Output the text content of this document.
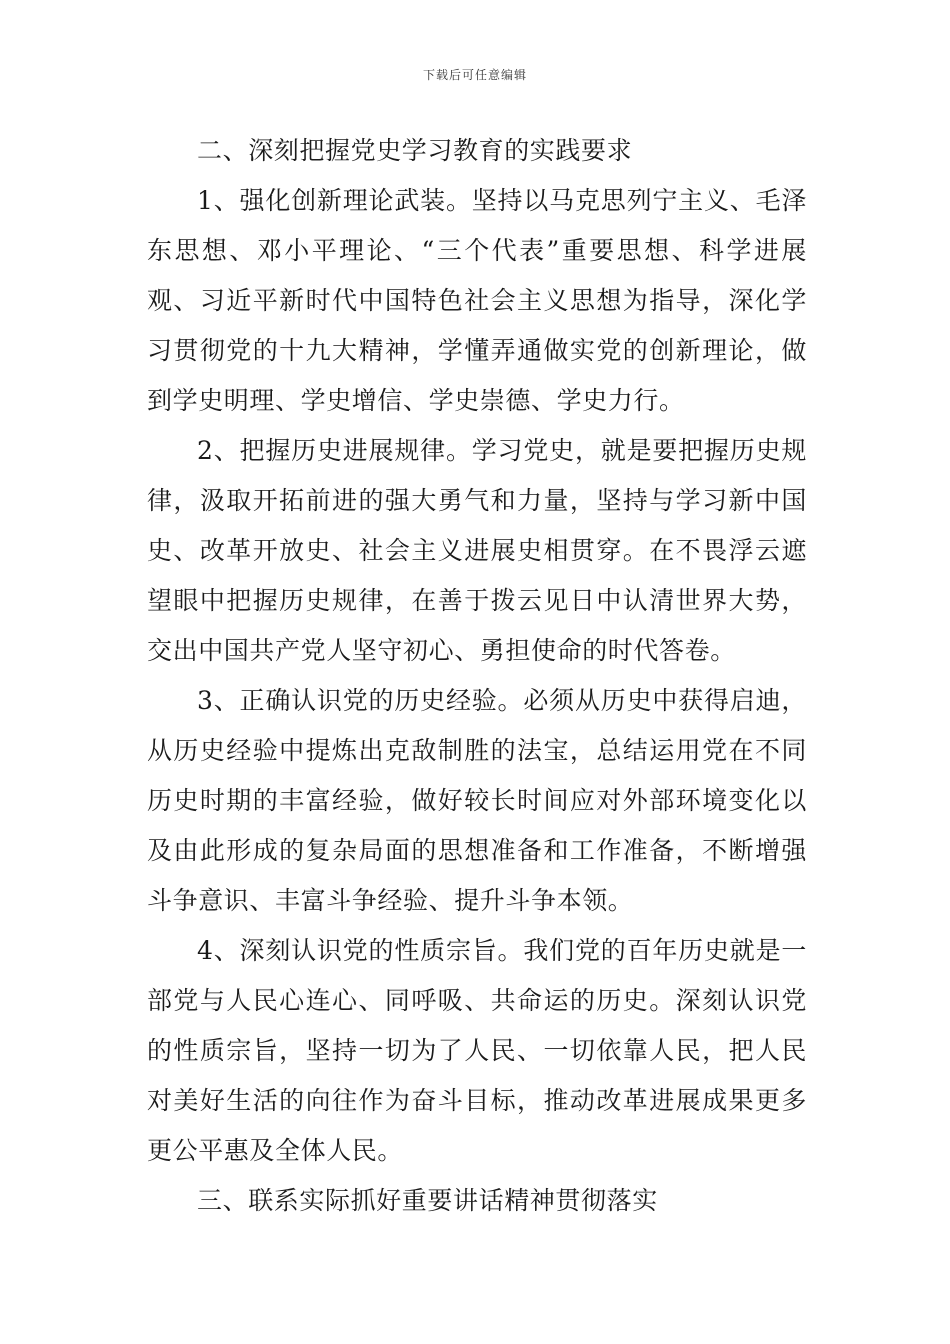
下载后可任意编辑

二、深刻把握党史学习教育的实践要求

1、强化创新理论武装。坚持以马克思列宁主义、毛泽东思想、邓小平理论、“三个代表”重要思想、科学进展观、习近平新时代中国特色社会主义思想为指导，深化学习贯彻党的十九大精神，学懂弄通做实党的创新理论，做到学史明理、学史增信、学史崇德、学史力行。

2、把握历史进展规律。学习党史，就是要把握历史规律，汲取开拓前进的强大勇气和力量，坚持与学习新中国史、改革开放史、社会主义进展史相贯穿。在不畏浮云遮望眼中把握历史规律，在善于拨云见日中认清世界大势，交出中国共产党人坚守初心、勇担使命的时代答卷。

3、正确认识党的历史经验。必须从历史中获得启迪，从历史经验中提炼出克敌制胜的法宝，总结运用党在不同历史时期的丰富经验，做好较长时间应对外部环境变化以及由此形成的复杂局面的思想准备和工作准备，不断增强斗争意识、丰富斗争经验、提升斗争本领。

4、深刻认识党的性质宗旨。我们党的百年历史就是一部党与人民心连心、同呼吸、共命运的历史。深刻认识党的性质宗旨，坚持一切为了人民、一切依靠人民，把人民对美好生活的向往作为奋斗目标，推动改革进展成果更多更公平惠及全体人民。

三、联系实际抓好重要讲话精神贯彻落实
